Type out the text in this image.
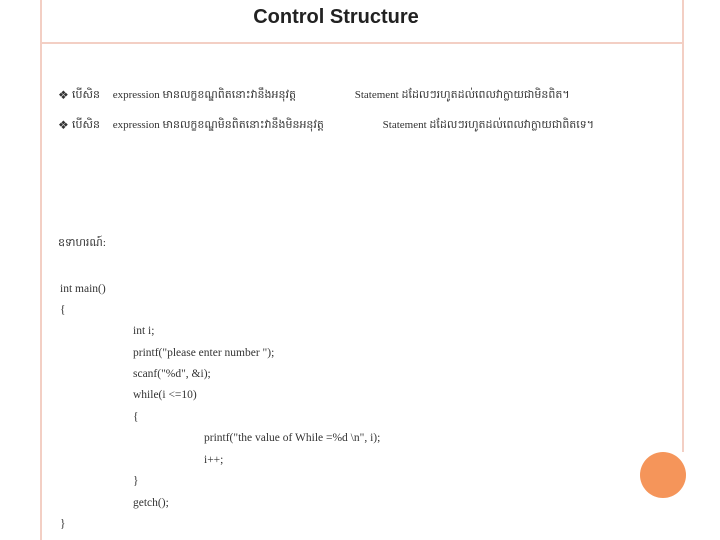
Control Structure
❖ បើសិន expression មានលក្ខខណ្ឌពិតនោះវានឹងអនុវត្ត	Statement ដដែលៗរហូតដល់ពេលវាក្លាយជាមិនពិត។
❖ បើសិន expression មានលក្ខខណ្ឌមិនពិតនោះវានឹងមិនអនុវត្ត	Statement ដដែលៗរហូតដល់ពេលវាក្លាយជាពិតទេ។
ឧទាហរណ៍:
int main()
{
int i;
printf("please enter number ");
scanf("%d", &i);
while(i <=10)
{
printf("the value of While =%d \n", i);
i++;
}
getch();
}
